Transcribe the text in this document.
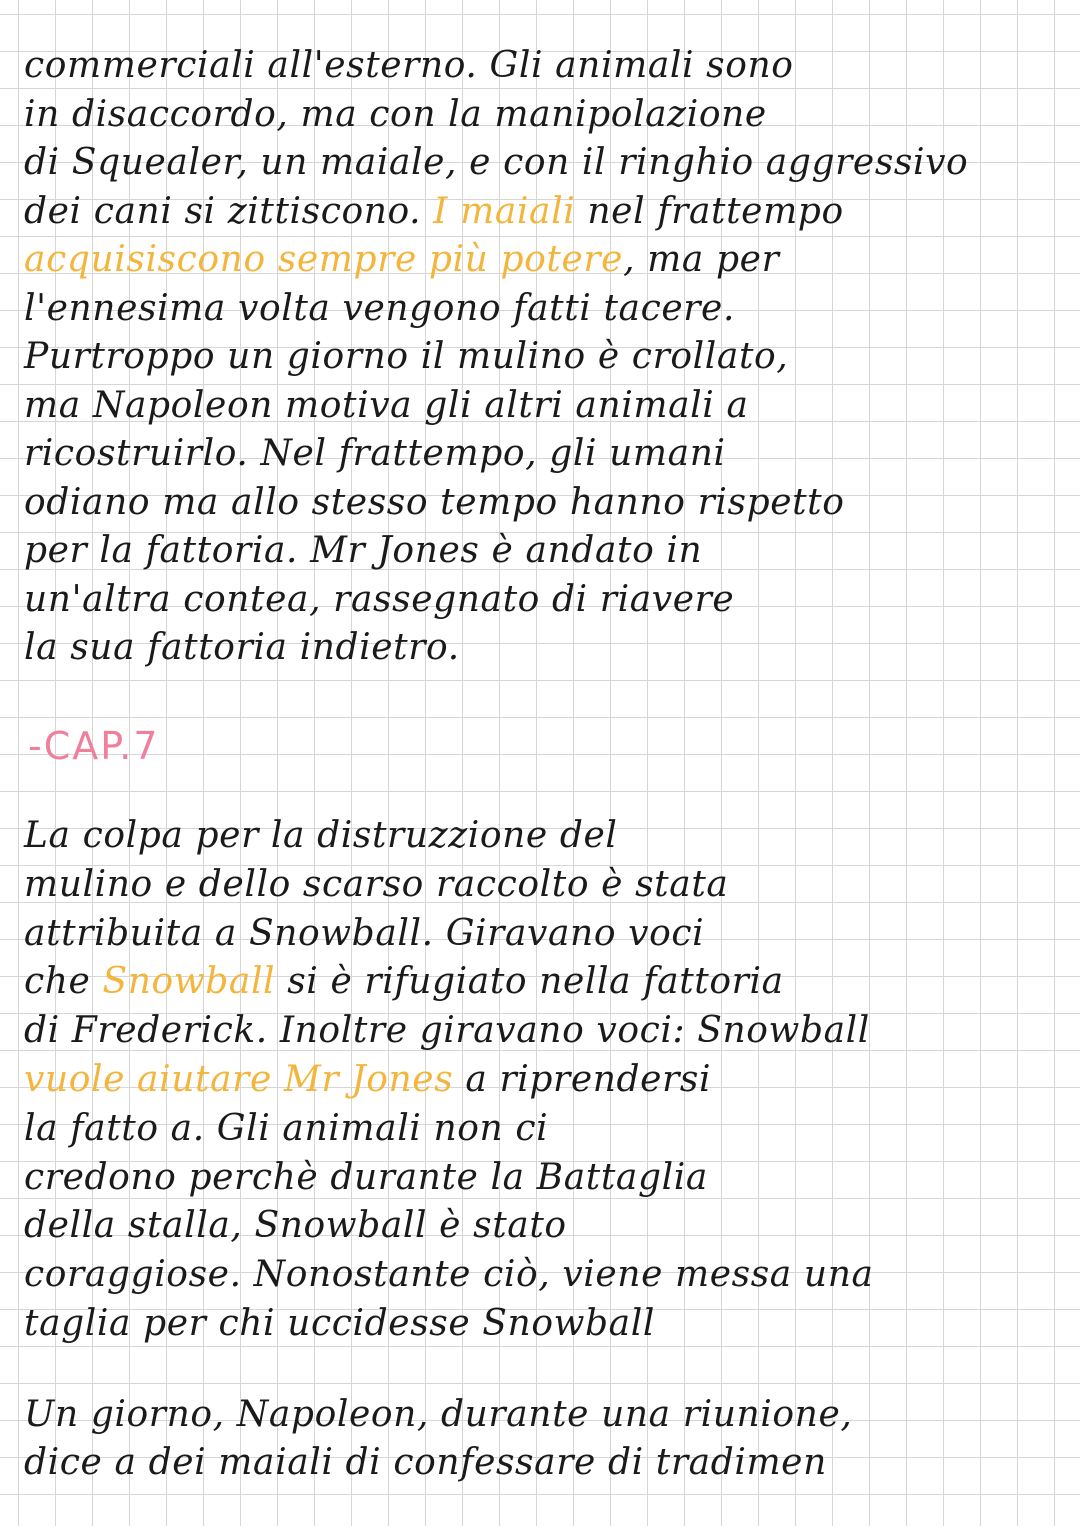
commerciali all'esterno. Gli animali sono
in disaccordo, ma con la manipolazione
di Squealer, un maiale, e con il ringhio aggressivo
dei cani si zittiscono. I maiali nel frattempo
acquisiscono sempre più potere, ma per
l'ennesima volta vengono fatti tacere.
Purtroppo un giorno il mulino è crollato,
ma Napoleon motiva gli altri animali a
ricostruirlo. Nel frattempo, gli umani
odiano ma allo stesso tempo hanno rispetto
per la fattoria. Mr Jones è andato in
un'altra contea, rassegnato di riavere
la sua fattoria indietro.
-CAP.7
La colpa per la distruzzione del
mulino e dello scarso raccolto è stata
attribuita a Snowball. Giravano voci
che Snowball si è rifugiato nella fattoria
di Frederick. Inoltre giravano voci: Snowball
vuole aiutare Mr Jones a riprendersi
la fatto a. Gli animali non ci
credono perchè durante la Battaglia
della stalla, Snowball è stato
coraggiose. Nonostante ciò, viene messa una
taglia per chi uccidesse Snowball
Un giorno, Napoleon, durante una riunione,
dice a dei maiali di confessare di tradimen
